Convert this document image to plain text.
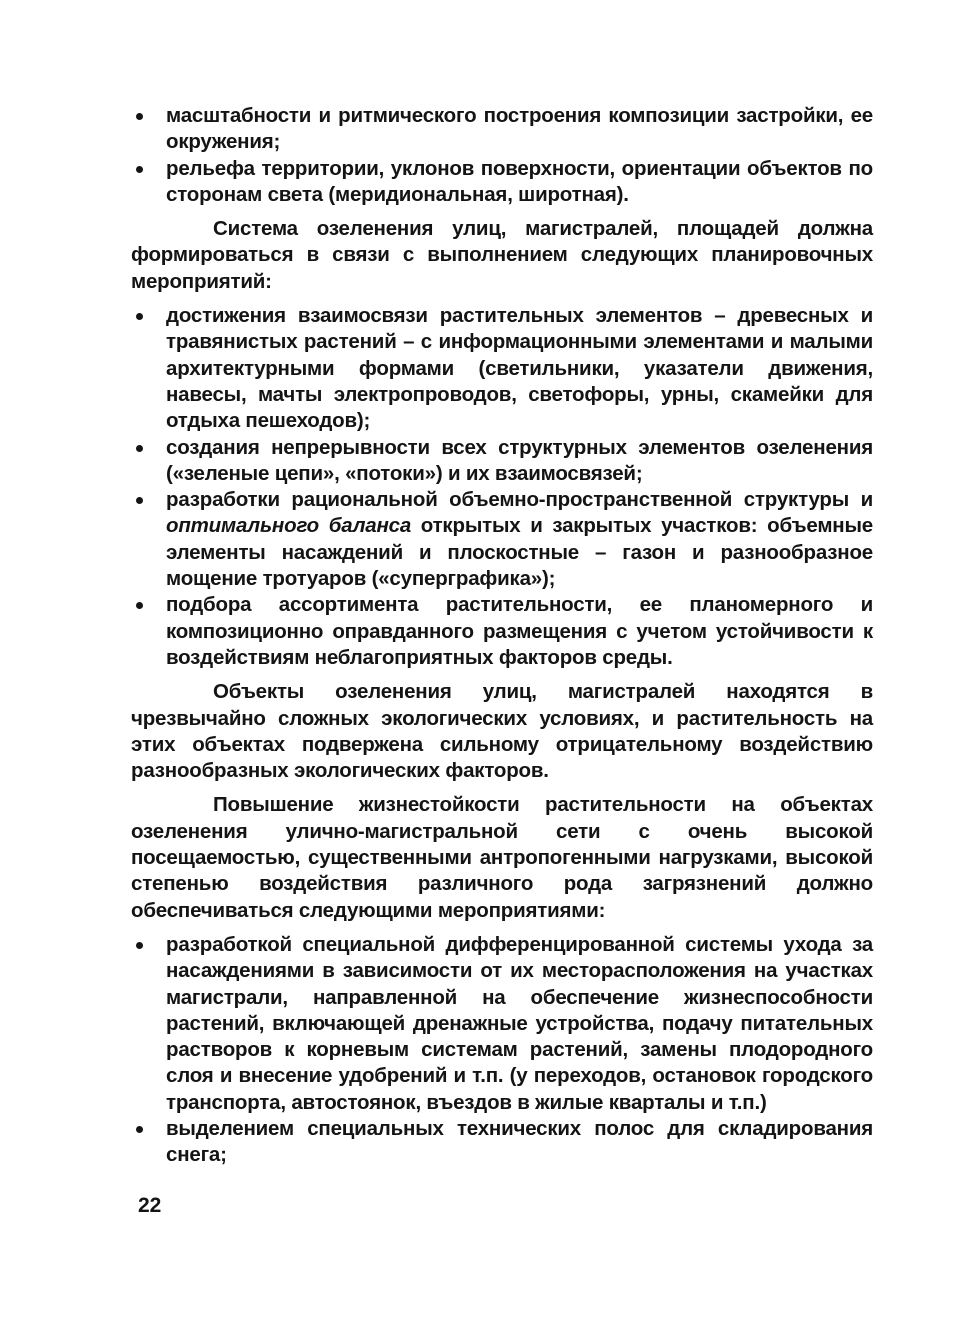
масштабности и ритмического построения композиции застройки, ее окружения;
рельефа территории, уклонов поверхности, ориентации объектов по сторонам света (меридиональная, широтная).

Система озеленения улиц, магистралей, площадей должна формироваться в связи с выполнением следующих планировочных мероприятий:

достижения взаимосвязи растительных элементов – древесных и травянистых растений – с информационными элементами и малыми архитектурными формами (светильники, указатели движения, навесы, мачты электропроводов, светофоры, урны, скамейки для отдыха пешеходов);
создания непрерывности всех структурных элементов озеленения («зеленые цепи», «потоки») и их взаимосвязей;
разработки рациональной объемно-пространственной структуры и оптимального баланса открытых и закрытых участков: объемные элементы насаждений и плоскостные – газон и разнообразное мощение тротуаров («суперграфика»);
подбора ассортимента растительности, ее планомерного и композиционно оправданного размещения с учетом устойчивости к воздействиям неблагоприятных факторов среды.

Объекты озеленения улиц, магистралей находятся в чрезвычайно сложных экологических условиях, и растительность на этих объектах подвержена сильному отрицательному воздействию разнообразных экологических факторов.

Повышение жизнестойкости растительности на объектах озеленения улично-магистральной сети с очень высокой посещаемостью, существенными антропогенными нагрузками, высокой степенью воздействия различного рода загрязнений должно обеспечиваться следующими мероприятиями:

разработкой специальной дифференцированной системы ухода за насаждениями в зависимости от их месторасположения на участках магистрали, направленной на обеспечение жизнеспособности растений, включающей дренажные устройства, подачу питательных растворов к корневым системам растений, замены плодородного слоя и внесение удобрений и т.п. (у переходов, остановок городского транспорта, автостоянок, въездов в жилые кварталы и т.п.)
выделением специальных технических полос для складирования снега;
22
